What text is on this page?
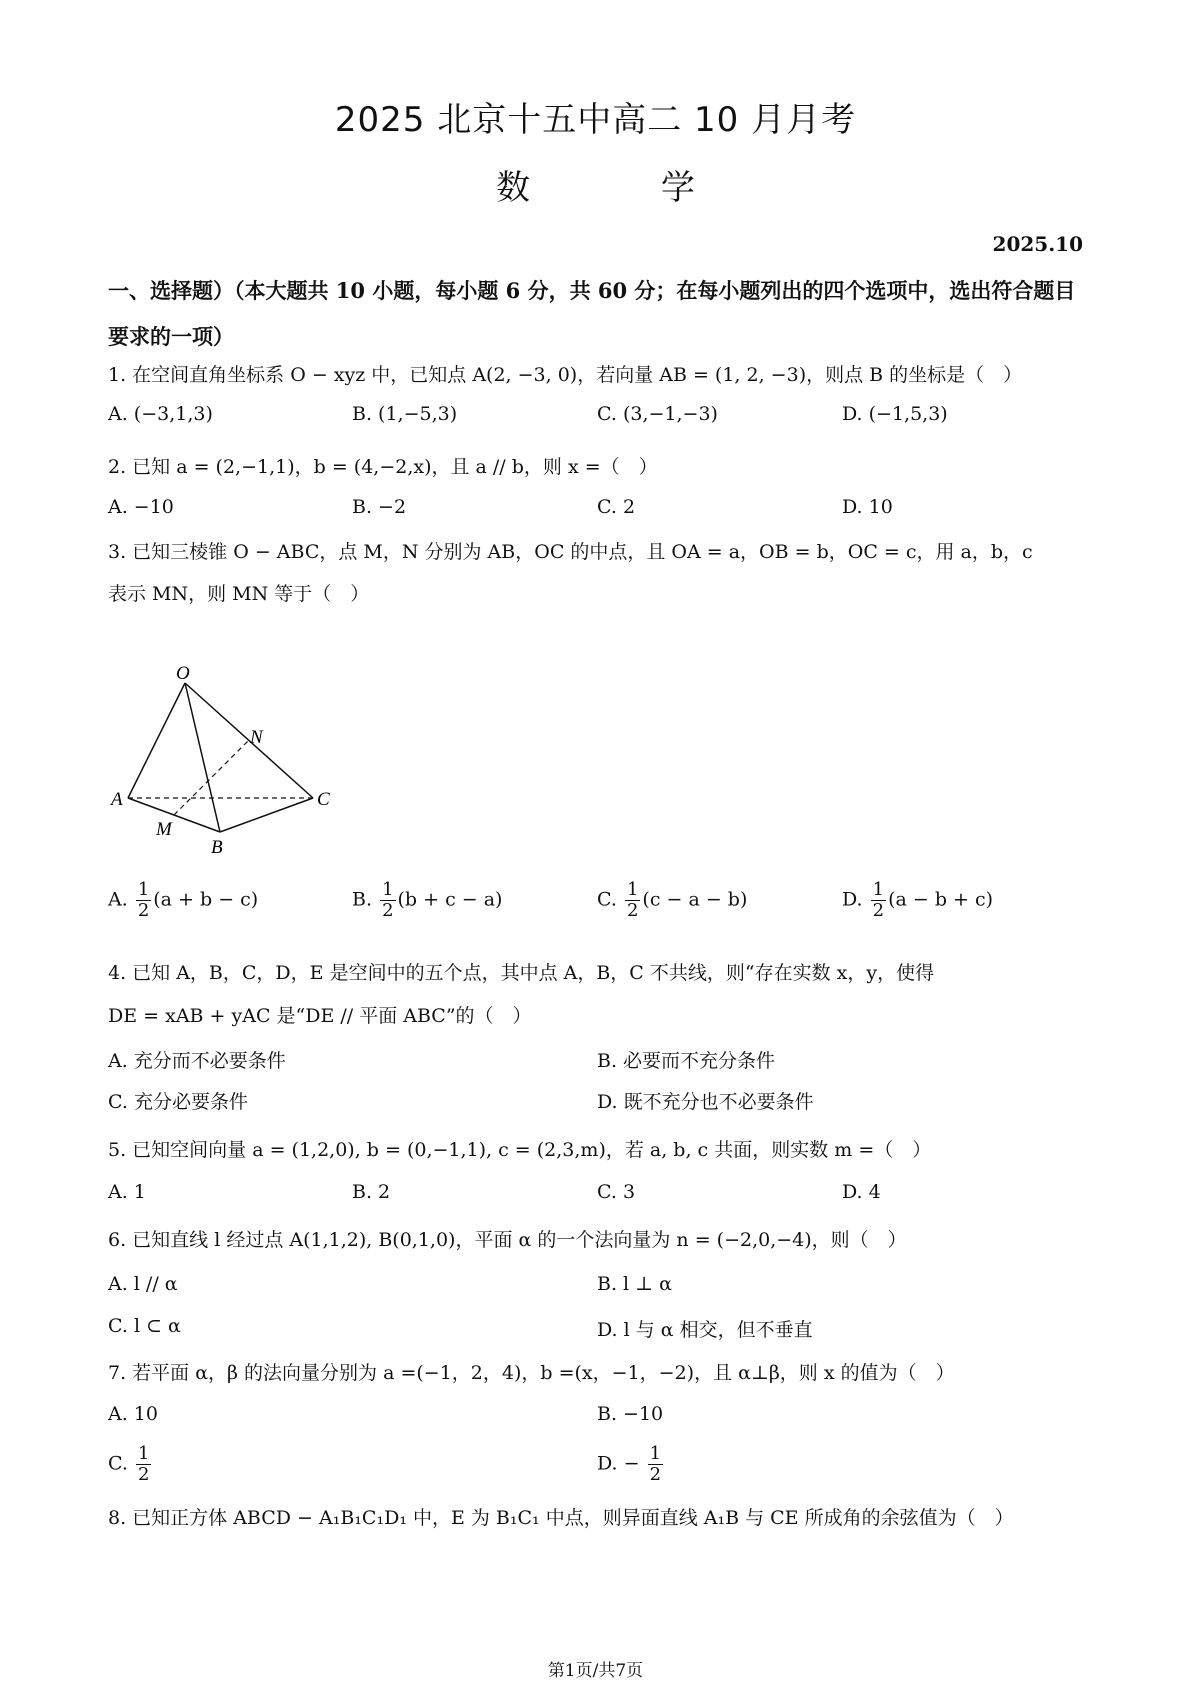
2025 北京十五中高二 10 月月考
数 学
2025.10
一、选择题）（本大题共 10 小题，每小题 6 分，共 60 分；在每小题列出的四个选项中，选出符合题目要求的一项）
1. 在空间直角坐标系 O − xyz 中，已知点 A(2, −3, 0)，若向量 AB = (1, 2, −3)，则点 B 的坐标是（　）
A. (−3,1,3)	B. (1,−5,3)	C. (3,−1,−3)	D. (−1,5,3)
2. 已知 a = (2,−1,1)，b = (4,−2,x)，且 a // b，则 x =（　）
A. −10	B. −2	C. 2	D. 10
3. 已知三棱锥 O − ABC，点 M，N 分别为 AB，OC 的中点，且 OA = a，OB = b，OC = c，用 a，b，c
表示 MN，则 MN 等于（　）
O
N
A	C
M
B
A. $\frac{1}{2} (a + b - c)$	B. $\frac{1}{2} (b + c - a)$	C. $\frac{1}{2} (c - a - b)$	D. $\frac{1}{2} (a - b + c)$
4. 已知 A，B，C，D，E 是空间中的五个点，其中点 A，B，C 不共线，则“存在实数 x，y，使得
DE = xAB + yAC 是“DE // 平面 ABC”的（　）
A. 充分而不必要条件	B. 必要而不充分条件
C. 充分必要条件	D. 既不充分也不必要条件
5. 已知空间向量 a = (1,2,0), b = (0,−1,1), c = (2,3,m)，若 a, b, c 共面，则实数 m =（　）
A. 1	B. 2	C. 3	D. 4
6. 已知直线 l 经过点 A(1,1,2), B(0,1,0)，平面 α 的一个法向量为 n = (−2,0,−4)，则（　）
A. l // α	B. l ⊥ α
C. l ⊂ α	D. l 与 α 相交，但不垂直
7. 若平面 α，β 的法向量分别为 a =(−1，2，4)，b =(x，−1，−2)，且 α⊥β，则 x 的值为（　）
A. 10	B. −10
C. $\frac{1}{2}$	D. − $\frac{1}{2}$
8. 已知正方体 ABCD − A₁B₁C₁D₁ 中，E 为 B₁C₁ 中点，则异面直线 A₁B 与 CE 所成角的余弦值为（　）
第1页/共7页
